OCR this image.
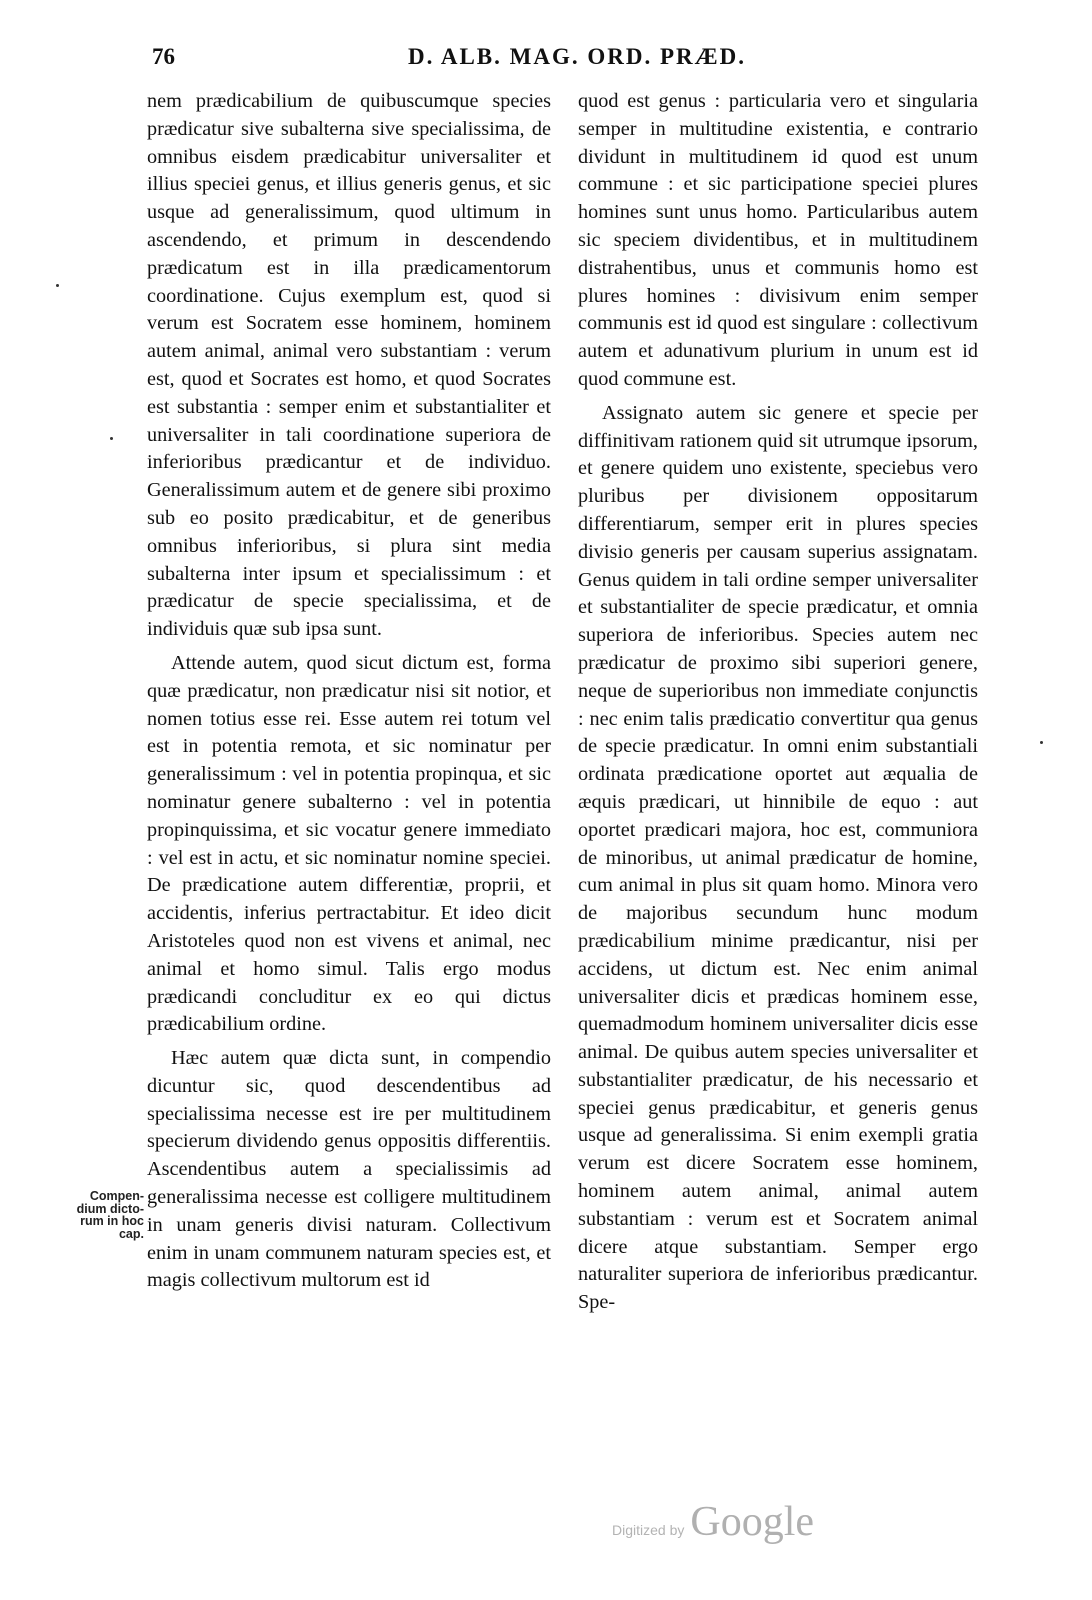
76	D. ALB. MAG. ORD. PRÆD.

nem prædicabilium de quibuscumque species prædicatur sive subalterna sive specialissima, de omnibus eisdem prædicabitur universaliter et illius speciei genus, et illius generis genus, et sic usque ad generalissimum, quod ultimum in ascendendo, et primum in descendendo prædicatum est in illa prædicamentorum coordinatione. Cujus exemplum est, quod si verum est Socratem esse hominem, hominem autem animal, animal vero substantiam : verum est, quod et Socrates est homo, et quod Socrates est substantia : semper enim et substantialiter et universaliter in tali coordinatione superiora de inferioribus prædicantur et de individuo. Generalissimum autem et de genere sibi proximo sub eo posito prædicabitur, et de generibus omnibus inferioribus, si plura sint media subalterna inter ipsum et specialissimum : et prædicatur de specie specialissima, et de individuis quæ sub ipsa sunt.

Attende autem, quod sicut dictum est, forma quæ prædicatur, non prædicatur nisi sit notior, et nomen totius esse rei. Esse autem rei totum vel est in potentia remota, et sic nominatur per generalissimum : vel in potentia propinqua, et sic nominatur genere subalterno : vel in potentia propinquissima, et sic vocatur genere immediato : vel est in actu, et sic nominatur nomine speciei. De prædicatione autem differentiæ, proprii, et accidentis, inferius pertractabitur. Et ideo dicit Aristoteles quod non est vivens et animal, nec animal et homo simul. Talis ergo modus prædicandi concluditur ex eo qui dictus prædicabilium ordine.

Hæc autem quæ dicta sunt, in compendio dicuntur sic, quod descendentibus ad specialissima necesse est ire per multitudinem specierum dividendo genus oppositis differentiis. Ascendentibus autem a specialissimis ad generalissima necesse est colligere multitudinem in unam generis divisi naturam. Collectivum enim in unam communem naturam species est, et magis collectivum multorum est id

quod est genus : particularia vero et singularia semper in multitudine existentia, e contrario dividunt in multitudinem id quod est unum commune : et sic participatione speciei plures homines sunt unus homo. Particularibus autem sic speciem dividentibus, et in multitudinem distrahentibus, unus et communis homo est plures homines : divisivum enim semper communis est id quod est singulare : collectivum autem et adunativum plurium in unum est id quod commune est.

Assignato autem sic genere et specie per diffinitivam rationem quid sit utrumque ipsorum, et genere quidem uno existente, speciebus vero pluribus per divisionem oppositarum differentiarum, semper erit in plures species divisio generis per causam superius assignatam. Genus quidem in tali ordine semper universaliter et substantialiter de specie prædicatur, et omnia superiora de inferioribus. Species autem nec prædicatur de proximo sibi superiori genere, neque de superioribus non immediate conjunctis : nec enim talis prædicatio convertitur qua genus de specie prædicatur. In omni enim substantiali ordinata prædicatione oportet aut æqualia de æquis prædicari, ut hinnibile de equo : aut oportet prædicari majora, hoc est, communiora de minoribus, ut animal prædicatur de homine, cum animal in plus sit quam homo. Minora vero de majoribus secundum hunc modum prædicabilium minime prædicantur, nisi per accidens, ut dictum est. Nec enim animal universaliter dicis et prædicas hominem esse, quemadmodum hominem universaliter dicis esse animal. De quibus autem species universaliter et substantialiter prædicatur, de his necessario et speciei genus prædicabitur, et generis genus usque ad generalissima. Si enim exempli gratia verum est dicere Socratem esse hominem, hominem autem animal, animal autem substantiam : verum est et Socratem animal dicere atque substantiam. Semper ergo naturaliter superiora de inferioribus prædicantur. Spe-

Compen-
dium dicto-
rum in hoc
cap.
Digitized by Google
